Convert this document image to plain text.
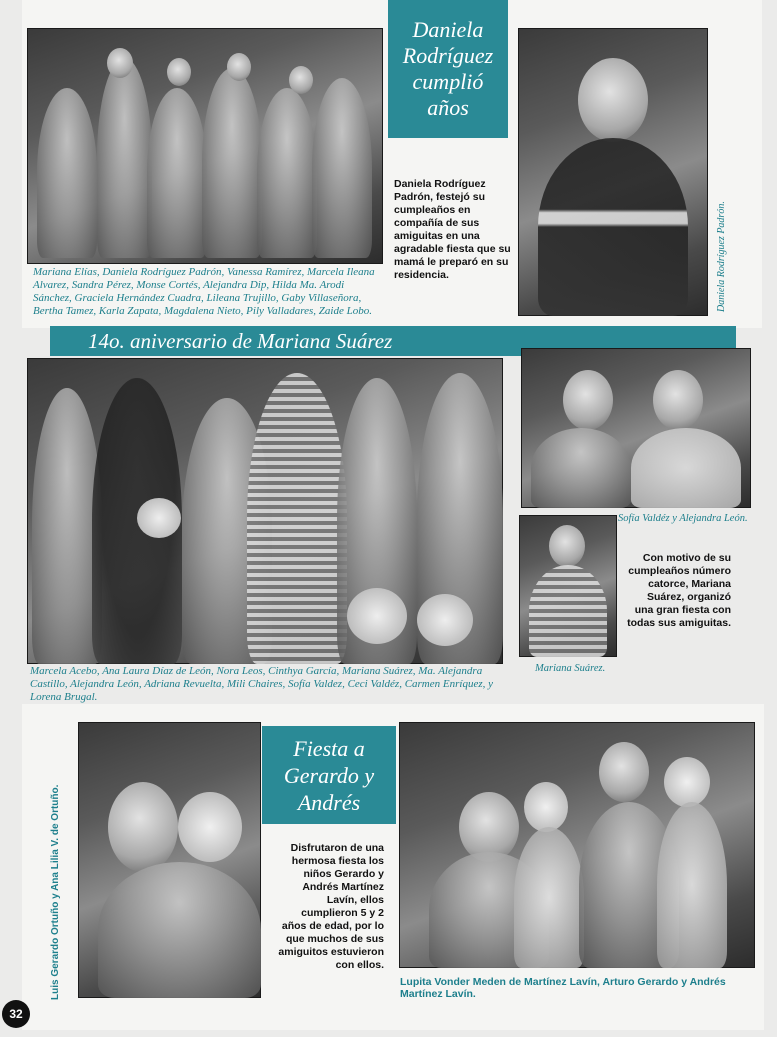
Daniela Rodríguez cumplió años
Daniela Rodríguez Padrón, festejó su cumpleaños en compañía de sus amiguitas en una agradable fiesta que su mamá le preparó en su residencia.	Daniela Rodríguez Padrón.
Mariana Elías, Daniela Rodríguez Padrón, Vanessa Ramírez, Marcela Ileana Alvarez, Sandra Pérez, Monse Cortés, Alejandra Dip, Hilda Ma. Arodi Sánchez, Graciela Hernández Cuadra, Lileana Trujillo, Gaby Villaseñora, Bertha Tamez, Karla Zapata, Magdalena Nieto, Pily Valladares, Zaide Lobo.
14o. aniversario de Mariana Suárez
Marcela Acebo, Ana Laura Díaz de León, Nora Leos, Cinthya García, Mariana Suárez, Ma. Alejandra Castillo, Alejandra León, Adriana Revuelta, Mili Chaires, Sofía Valdez, Ceci Valdéz, Carmen Enríquez, y Lorena Brugal.
Sofía Valdéz y Alejandra León.
Mariana Suárez.
Con motivo de su cumpleaños número catorce, Mariana Suárez, organizó una gran fiesta con todas sus amiguitas.
Luis Gerardo Ortuño y Ana Lilia V. de Ortuño.
Fiesta a Gerardo y Andrés
Disfrutaron de una hermosa fiesta los niños Gerardo y Andrés Martínez Lavín, ellos cumplieron 5 y 2 años de edad, por lo que muchos de sus amiguitos estuvieron con ellos.
Lupita Vonder Meden de Martínez Lavín, Arturo Gerardo y Andrés Martínez Lavín.
32
